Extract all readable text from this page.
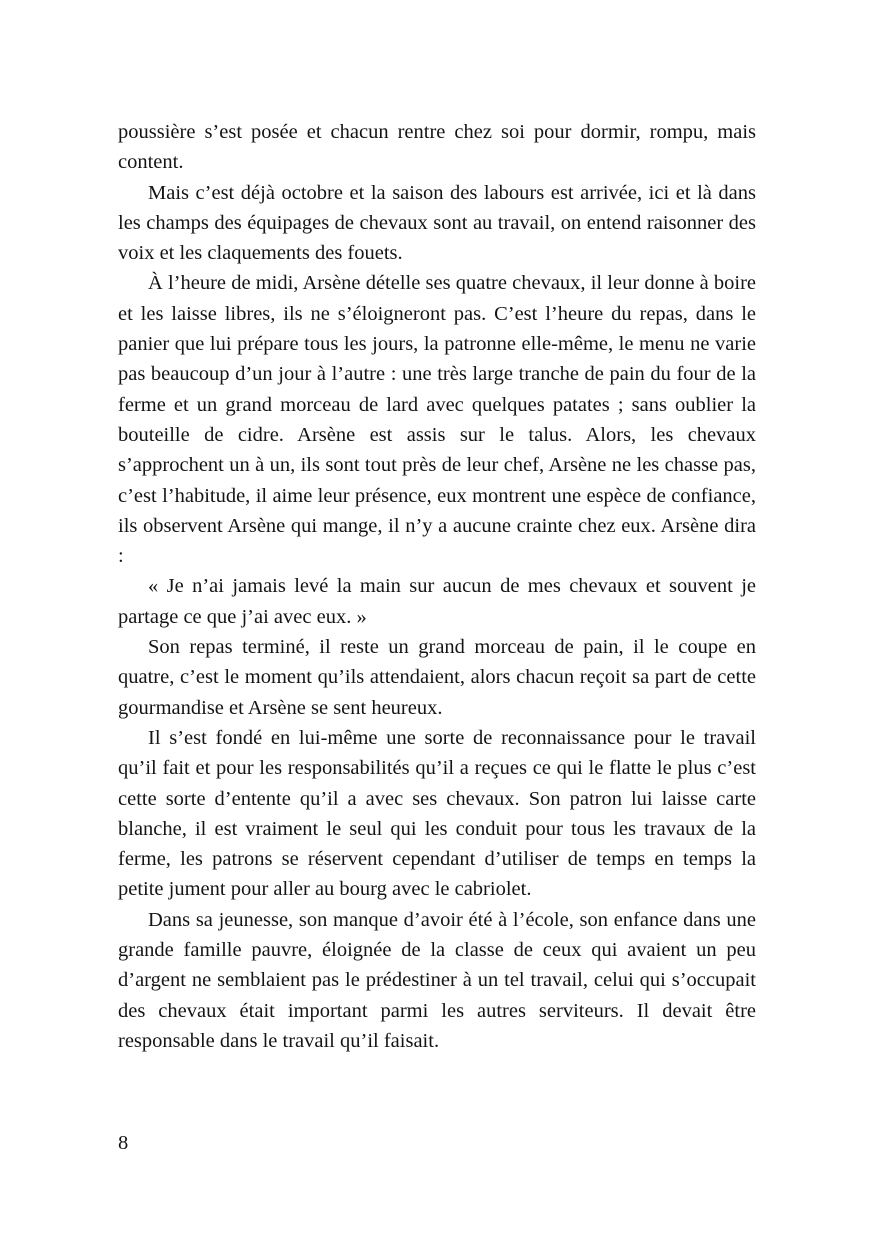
poussière s’est posée et chacun rentre chez soi pour dormir, rompu, mais content.

Mais c’est déjà octobre et la saison des labours est arrivée, ici et là dans les champs des équipages de chevaux sont au travail, on entend raisonner des voix et les claquements des fouets.

À l’heure de midi, Arsène dételle ses quatre chevaux, il leur donne à boire et les laisse libres, ils ne s’éloigneront pas. C’est l’heure du repas, dans le panier que lui prépare tous les jours, la patronne elle-même, le menu ne varie pas beaucoup d’un jour à l’autre : une très large tranche de pain du four de la ferme et un grand morceau de lard avec quelques patates ; sans oublier la bouteille de cidre. Arsène est assis sur le talus. Alors, les chevaux s’approchent un à un, ils sont tout près de leur chef, Arsène ne les chasse pas, c’est l’habitude, il aime leur présence, eux montrent une espèce de confiance, ils observent Arsène qui mange, il n’y a aucune crainte chez eux. Arsène dira :

« Je n’ai jamais levé la main sur aucun de mes chevaux et souvent je partage ce que j’ai avec eux. »

Son repas terminé, il reste un grand morceau de pain, il le coupe en quatre, c’est le moment qu’ils attendaient, alors chacun reçoit sa part de cette gourmandise et Arsène se sent heureux.

Il s’est fondé en lui-même une sorte de reconnaissance pour le travail qu’il fait et pour les responsabilités qu’il a reçues ce qui le flatte le plus c’est cette sorte d’entente qu’il a avec ses chevaux. Son patron lui laisse carte blanche, il est vraiment le seul qui les conduit pour tous les travaux de la ferme, les patrons se réservent cependant d’utiliser de temps en temps la petite jument pour aller au bourg avec le cabriolet.

Dans sa jeunesse, son manque d’avoir été à l’école, son enfance dans une grande famille pauvre, éloignée de la classe de ceux qui avaient un peu d’argent ne semblaient pas le prédestiner à un tel travail, celui qui s’occupait des chevaux était important parmi les autres serviteurs. Il devait être responsable dans le travail qu’il faisait.

8
